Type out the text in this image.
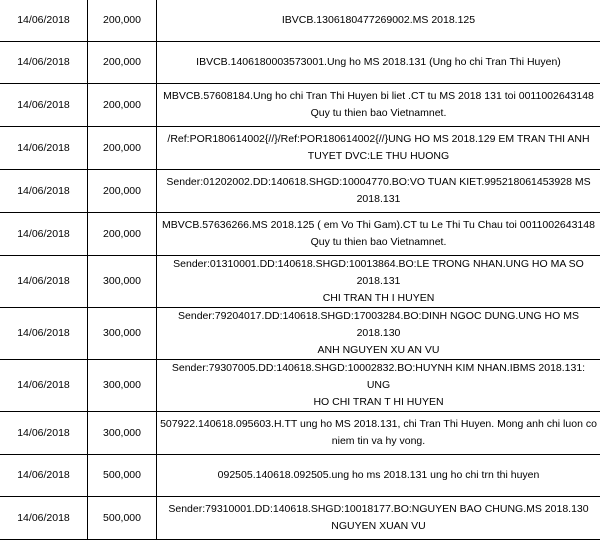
14/06/2018	200,000	IBVCB.1306180477269002.MS 2018.125

14/06/2018	200,000	IBVCB.1406180003573001.Ung ho MS 2018.131 (Ung ho chi Tran Thi Huyen)

14/06/2018	200,000	MBVCB.57608184.Ung ho chi Tran Thi Huyen bi liet .CT tu MS 2018 131 toi 0011002643148
Quy tu thien bao Vietnamnet.

14/06/2018	200,000	/Ref:POR180614002{//}/Ref:POR180614002{//}UNG HO MS 2018.129 EM TRAN THI ANH
TUYET DVC:LE THU HUONG

14/06/2018	200,000	Sender:01202002.DD:140618.SHGD:10004770.BO:VO TUAN KIET.995218061453928 MS
2018.131

14/06/2018	200,000	MBVCB.57636266.MS 2018.125 ( em Vo Thi Gam).CT tu Le Thi Tu Chau toi 0011002643148
Quy tu thien bao Vietnamnet.

14/06/2018	300,000	Sender:01310001.DD:140618.SHGD:10013864.BO:LE TRONG NHAN.UNG HO MA SO 2018.131
CHI TRAN TH I HUYEN

14/06/2018	300,000	Sender:79204017.DD:140618.SHGD:17003284.BO:DINH NGOC DUNG.UNG HO MS 2018.130
ANH NGUYEN XU AN VU

14/06/2018	300,000	Sender:79307005.DD:140618.SHGD:10002832.BO:HUYNH KIM NHAN.IBMS 2018.131: UNG
HO CHI TRAN T HI HUYEN

14/06/2018	300,000	507922.140618.095603.H.TT ung ho MS 2018.131, chi Tran Thi Huyen. Mong anh chi luon co
niem tin va hy vong.

14/06/2018	500,000	092505.140618.092505.ung ho ms 2018.131 ung ho chi trn thi huyen

14/06/2018	500,000	Sender:79310001.DD:140618.SHGD:10018177.BO:NGUYEN BAO CHUNG.MS 2018.130
NGUYEN XUAN VU
